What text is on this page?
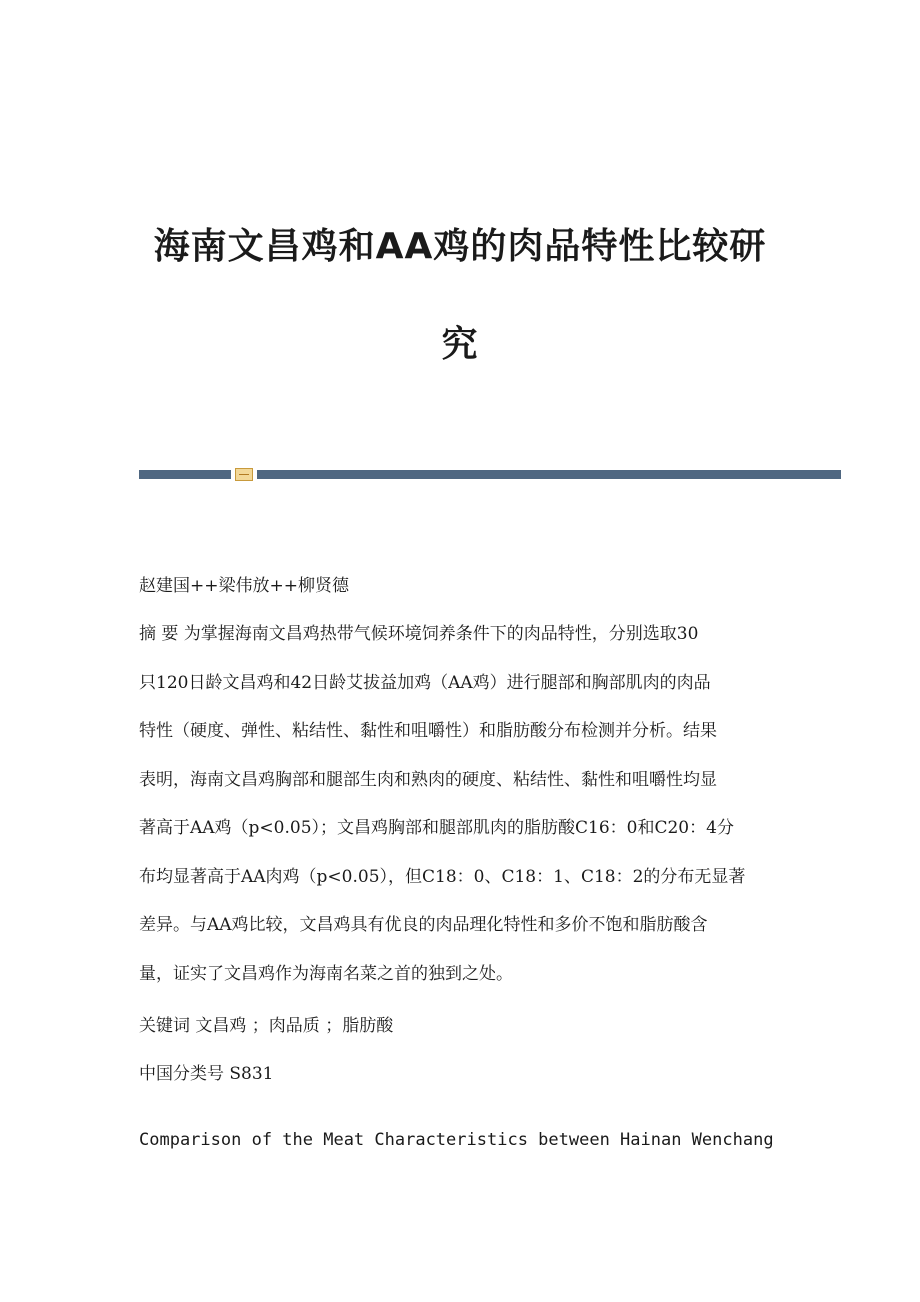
海南文昌鸡和AA鸡的肉品特性比较研
究

赵建国++梁伟放++柳贤德

摘 要 为掌握海南文昌鸡热带气候环境饲养条件下的肉品特性，分别选取30
只120日龄文昌鸡和42日龄艾拔益加鸡（AA鸡）进行腿部和胸部肌肉的肉品
特性（硬度、弹性、粘结性、黏性和咀嚼性）和脂肪酸分布检测并分析。结果
表明，海南文昌鸡胸部和腿部生肉和熟肉的硬度、粘结性、黏性和咀嚼性均显
著高于AA鸡（p<0.05）；文昌鸡胸部和腿部肌肉的脂肪酸C16：0和C20：4分
布均显著高于AA肉鸡（p<0.05），但C18：0、C18：1、C18：2的分布无显著
差异。与AA鸡比较，文昌鸡具有优良的肉品理化特性和多价不饱和脂肪酸含
量，证实了文昌鸡作为海南名菜之首的独到之处。

关键词 文昌鸡 ；肉品质 ；脂肪酸

中国分类号 S831

Comparison of the Meat Characteristics between Hainan Wenchang
